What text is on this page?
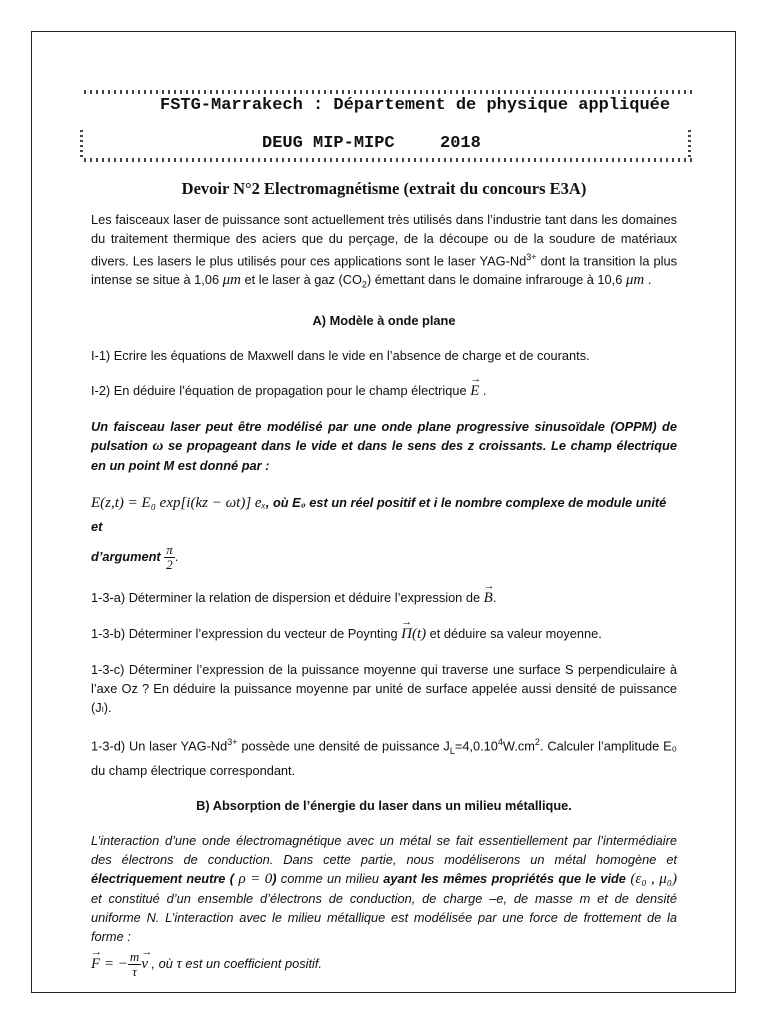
FSTG-Marrakech : Département de physique appliquée
DEUG MIP-MIPC	2018
Devoir N°2 Electromagnétisme (extrait du concours E3A)

Les faisceaux laser de puissance sont actuellement très utilisés dans l’industrie tant dans les domaines du traitement thermique des aciers que du perçage, de la découpe ou de la soudure de matériaux divers. Les lasers le plus utilisés pour ces applications sont le laser YAG-$Nd^{3+}$ dont la transition la plus intense se situe à 1,06 μm et le laser à gaz $(CO_2)$ émettant dans le domaine infrarouge à 10,6 μm .

A) Modèle à onde plane

I-1) Ecrire les équations de Maxwell dans le vide en l’absence de charge et de courants.

I-2) En déduire l’équation de propagation pour le champ électrique → E .

Un faisceau laser peut être modélisé par une onde plane progressive sinusoïdale (OPPM) de pulsation ω se propageant dans le vide et dans le sens des z croissants. Le champ électrique en un point M est donné par :

E(z,t) = E₀ exp[i(kz − ωt)] eₓ, où E₀ est un réel positif et i le nombre complexe de module unité et

d’argument $\frac{\pi}{2}$ .

1-3-a) Déterminer la relation de dispersion et déduire l’expression de → B.

1-3-b) Déterminer l’expression du vecteur de Poynting → Π(t) et déduire sa valeur moyenne.

1-3-c) Déterminer l’expression de la puissance moyenne qui traverse une surface S perpendiculaire à l’axe Oz ? En déduire la puissance moyenne par unité de surface appelée aussi densité de puissance (Jₗ).

1-3-d) Un laser YAG-$Nd^{3+}$ possède une densité de puissance $J_L=4,0.10^4W.cm^2$. Calculer l’amplitude E₀ du champ électrique correspondant.

B) Absorption de l’énergie du laser dans un milieu métallique.

L’interaction d’une onde électromagnétique avec un métal se fait essentiellement par l’intermédiaire des électrons de conduction. Dans cette partie, nous modéliserons un métal homogène et électriquement neutre ( ρ = 0) comme un milieu ayant les mêmes propriétés que le vide (ε₀ , μ₀) et constitué d’un ensemble d’électrons de conduction, de charge –e, de masse m et de densité uniforme N. L’interaction avec le milieu métallique est modélisée par une force de frottement de la forme :

→ F = − $\frac{m}{\tau}$
→ v , où τ est un coefficient positif.
